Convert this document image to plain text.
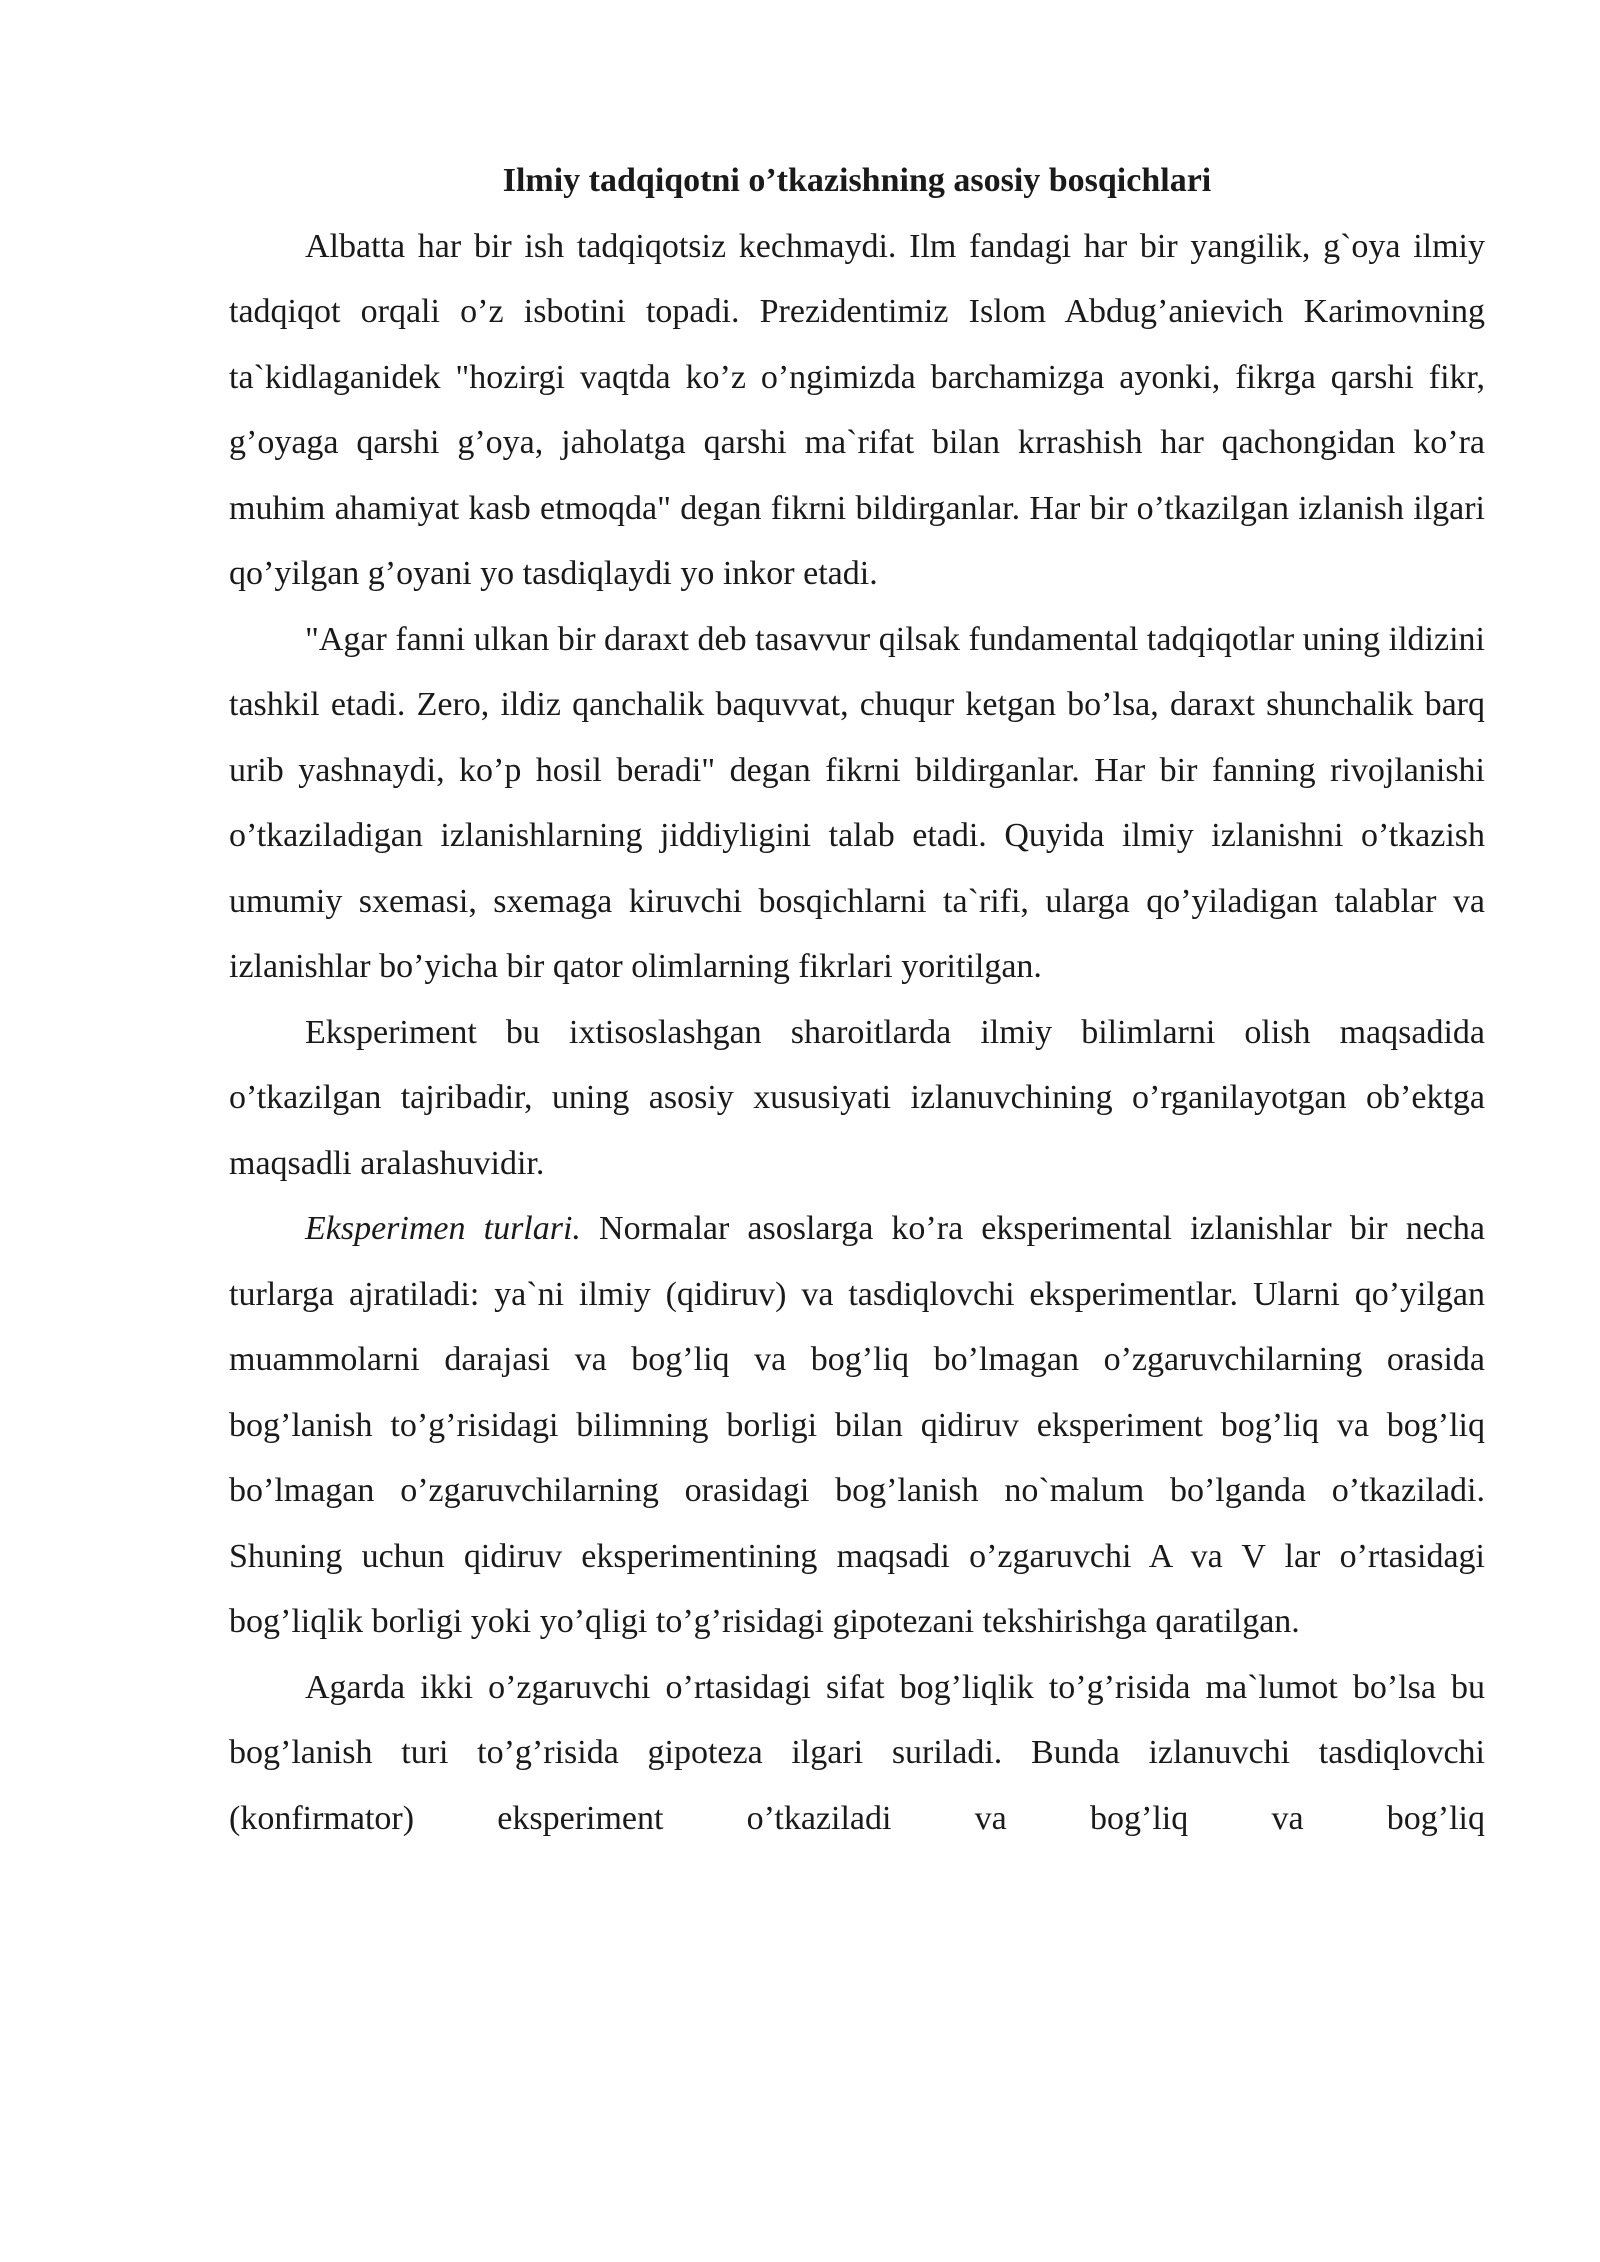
Ilmiy tadqiqotni o’tkazishning asosiy bosqichlari

Albatta har bir ish tadqiqotsiz kechmaydi. Ilm fandagi har bir yangilik, g`oya ilmiy tadqiqot orqali o’z isbotini topadi. Prezidentimiz Islom Abdug’anievich Karimovning ta`kidlaganidek "hozirgi vaqtda ko’z o’ngimizda barchamizga ayonki, fikrga qarshi fikr, g’oyaga qarshi g’oya, jaholatga qarshi ma`rifat bilan krrashish har qachongidan ko’ra muhim ahamiyat kasb etmoqda" degan fikrni bildirganlar. Har bir o’tkazilgan izlanish ilgari qo’yilgan g’oyani yo tasdiqlaydi yo inkor etadi.

"Agar fanni ulkan bir daraxt deb tasavvur qilsak fundamental tadqiqotlar uning ildizini tashkil etadi. Zero, ildiz qanchalik baquvvat, chuqur ketgan bo’lsa, daraxt shunchalik barq urib yashnaydi, ko’p hosil beradi" degan fikrni bildirganlar. Har bir fanning rivojlanishi o’tkaziladigan izlanishlarning jiddiyligini talab etadi. Quyida ilmiy izlanishni o’tkazish umumiy sxemasi, sxemaga kiruvchi bosqichlarni ta`rifi, ularga qo’yiladigan talablar va izlanishlar bo’yicha bir qator olimlarning fikrlari yoritilgan.

Eksperiment bu ixtisoslashgan sharoitlarda ilmiy bilimlarni olish maqsadida o’tkazilgan tajribadir, uning asosiy xususiyati izlanuvchining o’rganilayotgan ob’ektga maqsadli aralashuvidir.

Eksperimen turlari. Normalar asoslarga ko’ra eksperimental izlanishlar bir necha turlarga ajratiladi: ya`ni ilmiy (qidiruv) va tasdiqlovchi eksperimentlar. Ularni qo’yilgan muammolarni darajasi va bog’liq va bog’liq bo’lmagan o’zgaruvchilarning orasida bog’lanish to’g’risidagi bilimning borligi bilan qidiruv eksperiment bog’liq va bog’liq bo’lmagan o’zgaruvchilarning orasidagi bog’lanish no`malum bo’lganda o’tkaziladi. Shuning uchun qidiruv eksperimentining maqsadi o’zgaruvchi A va V lar o’rtasidagi bog’liqlik borligi yoki yo’qligi to’g’risidagi gipotezani tekshirishga qaratilgan.

Agarda ikki o’zgaruvchi o’rtasidagi sifat bog’liqlik to’g’risida ma`lumot bo’lsa bu bog’lanish turi to’g’risida gipoteza ilgari suriladi. Bunda izlanuvchi tasdiqlovchi (konfirmator) eksperiment o’tkaziladi va bog’liq va bog’liq
